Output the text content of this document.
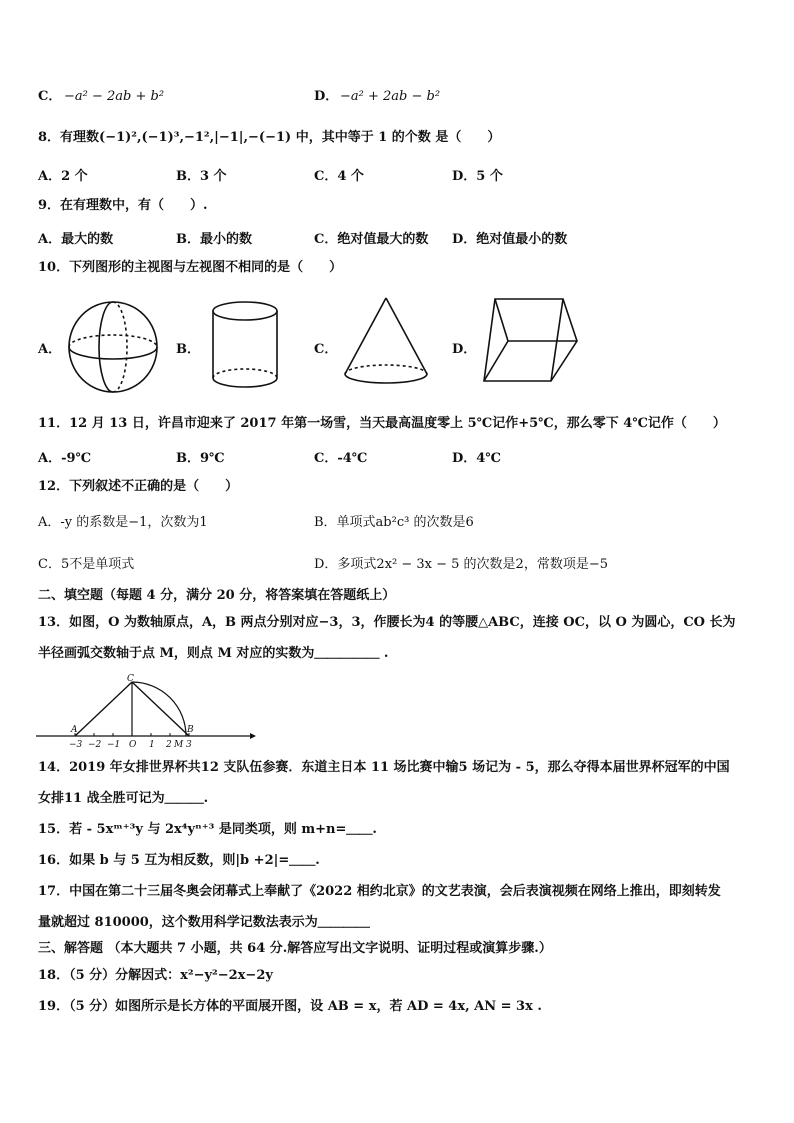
C． −a² − 2ab + b²	D． −a² + 2ab − b²
8．有理数(−1)²,(−1)³,−1²,|−1|,−(−1) 中，其中等于 1 的个数 是（　　）
A．2 个	B．3 个	C．4 个	D．5 个
9．在有理数中，有（　　）.
A．最大的数	B．最小的数	C．绝对值最大的数 D．绝对值最小的数
10．下列图形的主视图与左视图不相同的是（　　）
A．	B．	C．	D．
11．12 月 13 日，许昌市迎来了 2017 年第一场雪，当天最高温度零上 5℃记作+5℃，那么零下 4℃记作（　　）
A．-9℃	B．9℃	C．-4℃	D．4℃
12．下列叙述不正确的是（　　）
A．-y 的系数是−1，次数为1	B．单项式ab²c³ 的次数是6
C．5不是单项式	D．多项式2x² − 3x − 5 的次数是2，常数项是−5
二、填空题（每题 4 分，满分 20 分，将答案填在答题纸上）
13．如图，O 为数轴原点，A，B 两点分别对应−3，3，作腰长为4 的等腰△ABC，连接 OC，以 O 为圆心，CO 长为
半径画弧交数轴于点 M，则点 M 对应的实数为＿＿＿＿＿ .
C
A	B
−3 −2 −1 O 1 2 M 3
14．2019 年女排世界杯共12 支队伍参赛．东道主日本 11 场比赛中输5 场记为 - 5，那么夺得本届世界杯冠军的中国
女排11 战全胜可记为＿＿＿.
15．若 - 5xᵐ⁺³y 与 2x⁴yⁿ⁺³ 是同类项，则 m+n=＿＿.
16．如果 b 与 5 互为相反数，则|b +2|=＿＿.
17．中国在第二十三届冬奥会闭幕式上奉献了《2022 相约北京》的文艺表演，会后表演视频在网络上推出，即刻转发
量就超过 810000，这个数用科学记数法表示为＿＿＿＿
三、解答题 （本大题共 7 小题，共 64 分.解答应写出文字说明、证明过程或演算步骤.）
18．（5 分）分解因式：x²−y²−2x−2y
19．（5 分）如图所示是长方体的平面展开图，设 AB = x，若 AD = 4x, AN = 3x .
